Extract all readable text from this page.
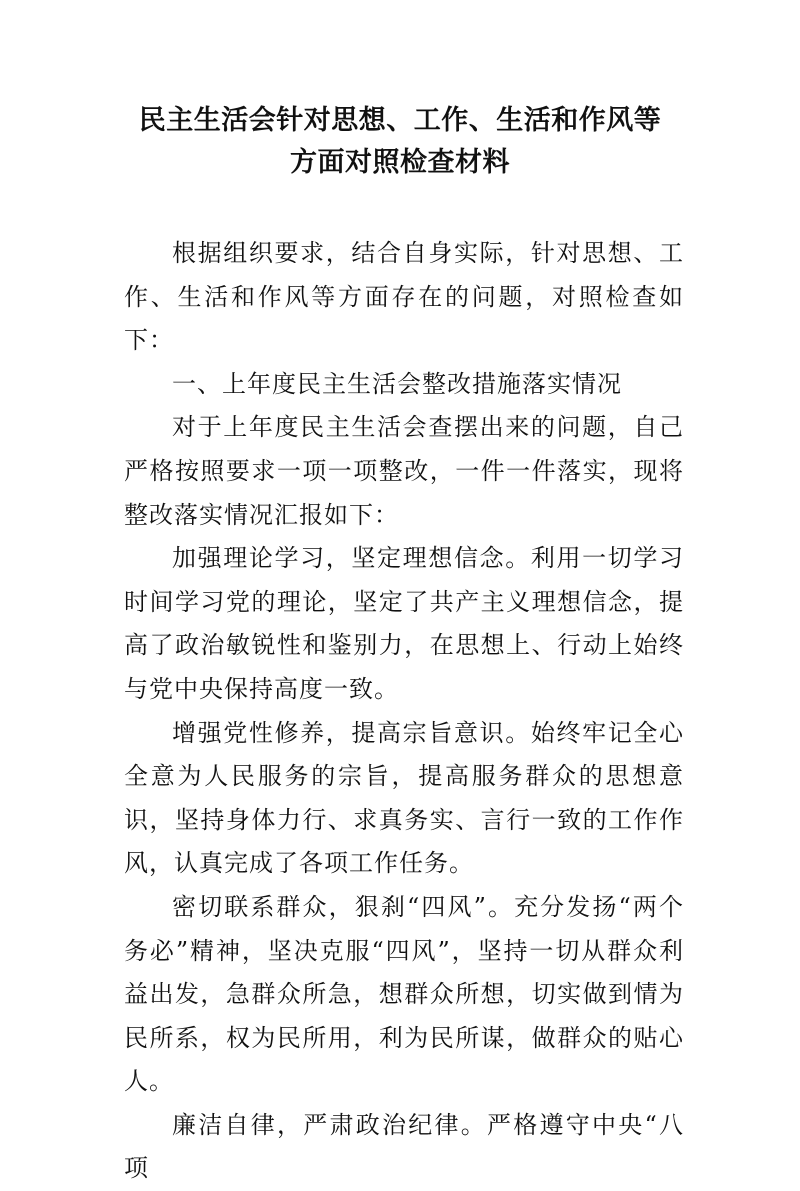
民主生活会针对思想、工作、生活和作风等
方面对照检查材料

根据组织要求，结合自身实际，针对思想、工作、生活和作风等方面存在的问题，对照检查如下：

一、上年度民主生活会整改措施落实情况

对于上年度民主生活会查摆出来的问题，自己严格按照要求一项一项整改，一件一件落实，现将整改落实情况汇报如下：

加强理论学习，坚定理想信念。利用一切学习时间学习党的理论，坚定了共产主义理想信念，提高了政治敏锐性和鉴别力，在思想上、行动上始终与党中央保持高度一致。

增强党性修养，提高宗旨意识。始终牢记全心全意为人民服务的宗旨，提高服务群众的思想意识，坚持身体力行、求真务实、言行一致的工作作风，认真完成了各项工作任务。

密切联系群众，狠刹“四风”。充分发扬“两个务必”精神，坚决克服“四风”，坚持一切从群众利益出发，急群众所急，想群众所想，切实做到情为民所系，权为民所用，利为民所谋，做群众的贴心人。

廉洁自律，严肃政治纪律。严格遵守中央“八项
